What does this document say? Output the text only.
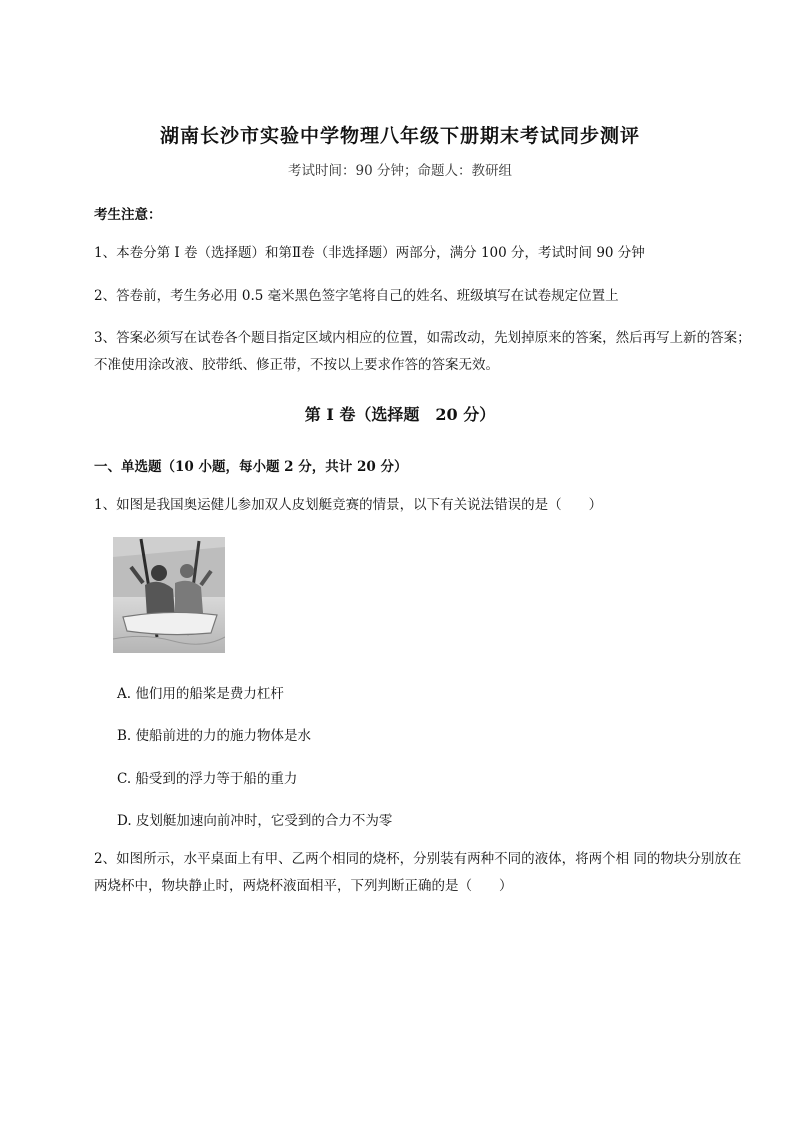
湖南长沙市实验中学物理八年级下册期末考试同步测评
考试时间：90 分钟；命题人：教研组
考生注意：
1、本卷分第 I 卷（选择题）和第Ⅱ卷（非选择题）两部分，满分 100 分，考试时间 90 分钟
2、答卷前，考生务必用 0.5 毫米黑色签字笔将自己的姓名、班级填写在试卷规定位置上
3、答案必须写在试卷各个题目指定区域内相应的位置，如需改动，先划掉原来的答案，然后再写上新的答案；不准使用涂改液、胶带纸、修正带，不按以上要求作答的答案无效。
第 I 卷（选择题　20 分）
一、单选题（10 小题，每小题 2 分，共计 20 分）
1、如图是我国奥运健儿参加双人皮划艇竞赛的情景，以下有关说法错误的是（　　）
A. 他们用的船桨是费力杠杆
B. 使船前进的力的施力物体是水
C. 船受到的浮力等于船的重力
D. 皮划艇加速向前冲时，它受到的合力不为零
2、如图所示，水平桌面上有甲、乙两个相同的烧杯，分别装有两种不同的液体，将两个相 同的物块分别放在两烧杯中，物块静止时，两烧杯液面相平，下列判断正确的是（　　）
